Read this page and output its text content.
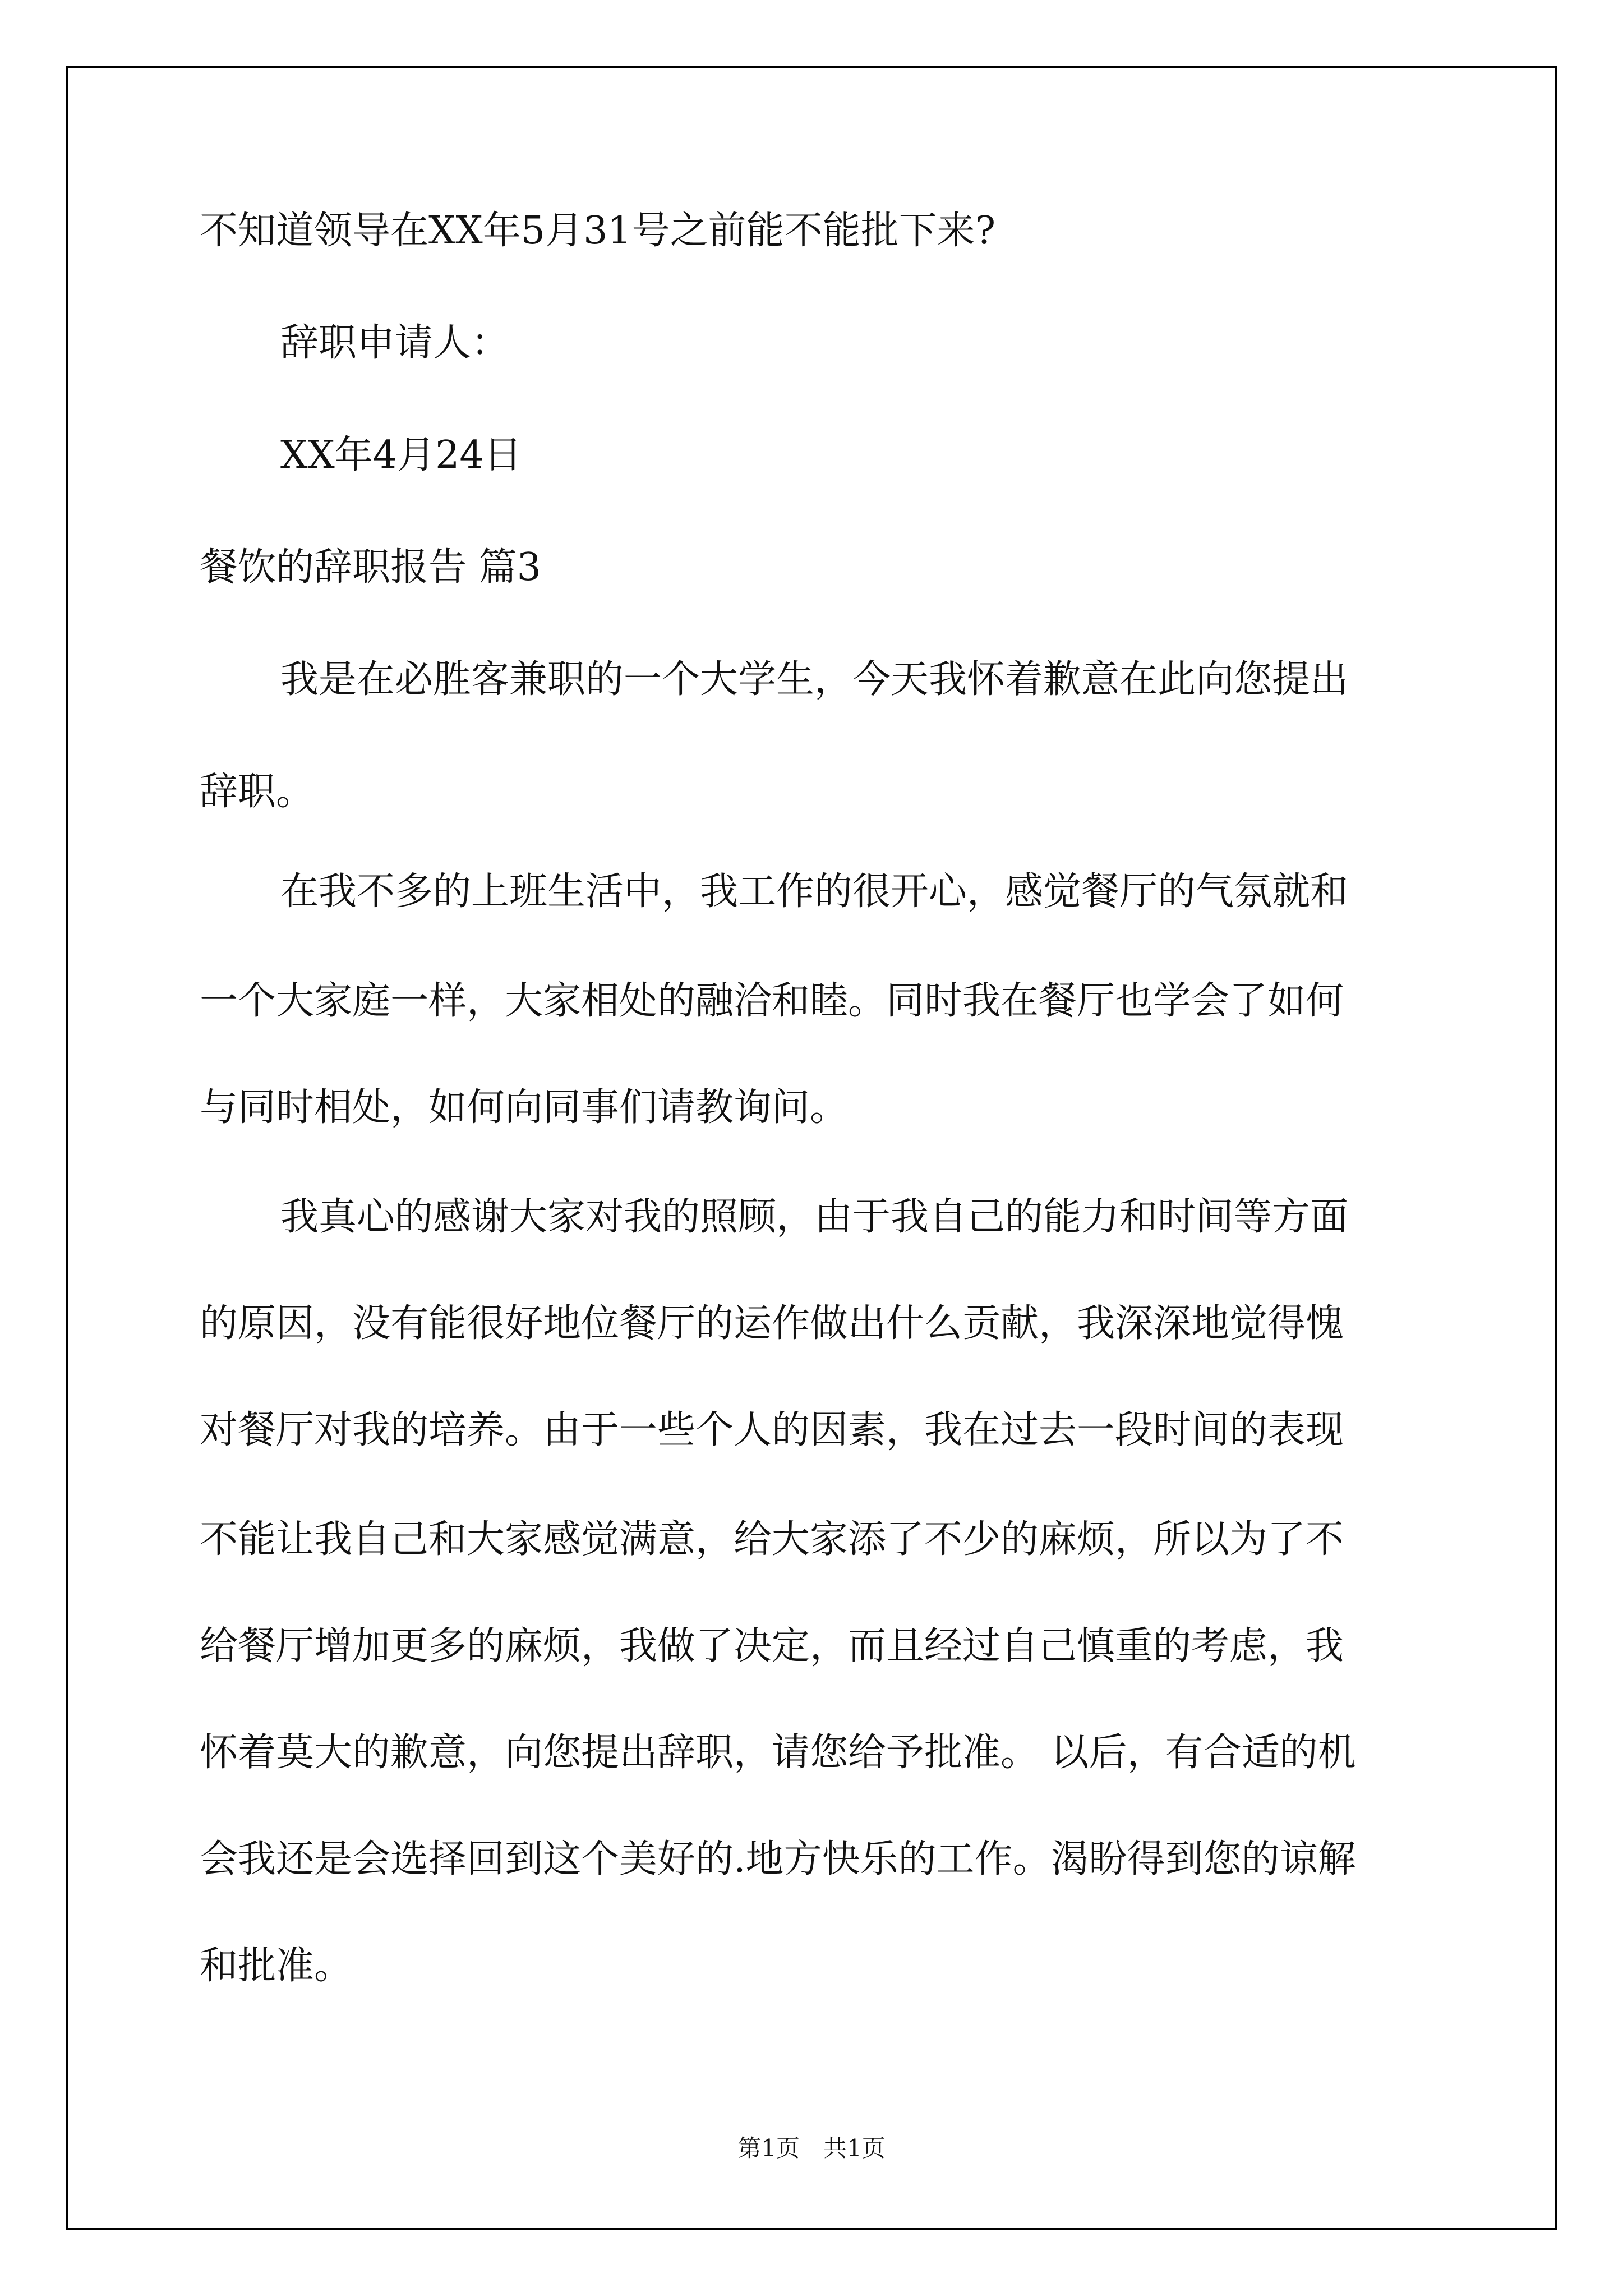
不知道领导在XX年5月31号之前能不能批下来?
辞职申请人：
XX年4月24日
餐饮的辞职报告 篇3
我是在必胜客兼职的一个大学生，今天我怀着歉意在此向您提出
辞职。
在我不多的上班生活中，我工作的很开心，感觉餐厅的气氛就和
一个大家庭一样，大家相处的融洽和睦。同时我在餐厅也学会了如何
与同时相处，如何向同事们请教询问。
我真心的感谢大家对我的照顾，由于我自己的能力和时间等方面
的原因，没有能很好地位餐厅的运作做出什么贡献，我深深地觉得愧
对餐厅对我的培养。由于一些个人的因素，我在过去一段时间的表现
不能让我自己和大家感觉满意，给大家添了不少的麻烦，所以为了不
给餐厅增加更多的麻烦，我做了决定，而且经过自己慎重的考虑，我
怀着莫大的歉意，向您提出辞职，请您给予批准。 以后，有合适的机
会我还是会选择回到这个美好的.地方快乐的工作。渴盼得到您的谅解
和批准。
第1页　共1页
